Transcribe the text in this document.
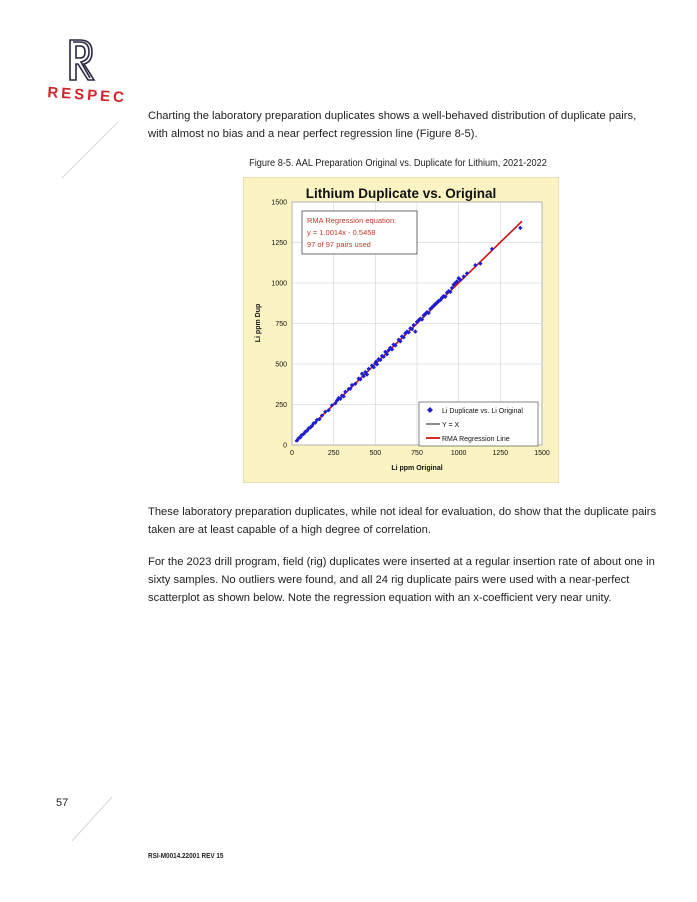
RESPEC
Charting the laboratory preparation duplicates shows a well-behaved distribution of duplicate pairs, with almost no bias and a near perfect regression line (Figure 8-5).
Figure 8-5. AAL Preparation Original vs. Duplicate for Lithium, 2021-2022
0	250	500	750	1000	1250	1500
0
250
500
750
1000
1250
1500
Lithium Duplicate vs. Original
Li ppm Original
Li ppm Dup
RMA Regression equation:
y = 1.0014x - 0.5458
97 of 97 pairs used
Li Duplicate vs. Li Original
Y = X
RMA Regression Line
These laboratory preparation duplicates, while not ideal for evaluation, do show that the duplicate pairs taken are at least capable of a high degree of correlation.
For the 2023 drill program, field (rig) duplicates were inserted at a regular insertion rate of about one in sixty samples. No outliers were found, and all 24 rig duplicate pairs were used with a near-perfect scatterplot as shown below. Note the regression equation with an x-coefficient very near unity.
57
RSI-M0014.22001 REV 15
